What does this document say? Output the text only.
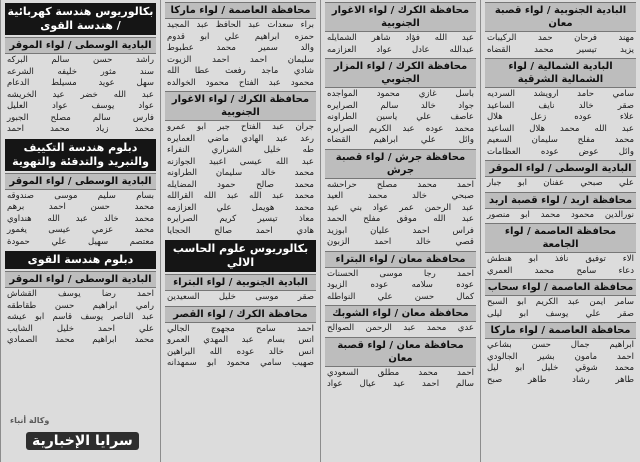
البادية الجنوبية / لواء قصبة معان
مهند فرحان حمد الركيبات
يزيد تيسير محمد القضاه
البادية الشمالية / لواء الشمالية الشرقية
سامي حامد ارويشد السرديه
صقر خالد نايف الساعيد
علاء عوده زعل هلال
عبد الله محمد هلال الساعيد
محمد مفلح سليمان السعيم
وائل عوض عوده العظامات
البادية الوسطى / لواء الموقر
علي صبحي عفنان ابو جبار
محافظة اربد / لواء قصبة اربد
نورالدين محمود محمد ابو منصور
محافظة العاصمة / لواء الجامعة
الاء توفيق نافذ ابو هنطش
دعاء سامح محمد العمري
محافظة العاصمة / لواء سحاب
سامر ايمن عبد الكريم ابو السبح
صقر علي يوسف ابو ليلى
محافظة العاصمة / لواء ماركا
ابراهيم جمال حسن بشاعي
احمد مامون بشير الجالودي
محمد شوقي خليل ابو ليل
طاهر رشاد طاهر صبح
محافظة الكرك / لواء الاغوار الجنوبية
عبد الله فؤاد شاهر الشمايله
عبدالله عادل عواد العزازمه
محافظة الكرك / لواء المزار الجنوبي
باسل غازي محمود المواجده
جواد خالد سالم الصرايره
عاصف علي ياسين الطراونه
محمد عوده عبد الكريم الصرايره
وائل علي ابراهيم القضاه
محافظة جرش / لواء قصبة جرش
احمد محمد مصلح حراحشه
صبحي خالد محمد العيد
عبد الرحمن عمر عواد بني عيد
عبد الله موفق مفلح الحمد
فراس احمد عليان ابوزيد
قصي خالد احمد الزبون
محافظة معان / لواء البتراء
احمد رجا موسى الحسنات
عوده سلامه عوده الزيود
كمال حسن علي النواطله
محافظة معان / لواء الشوبك
عدي محمد عبد الرحمن الصوالح
محافظة معان / لواء قصبة معان
احمد محمد مطلق السعودي
سالم احمد عيد عيال عواد
محافظة العاصمة / لواء ماركا
براء سعدات عبد الحافظ عبد المجيد
حمزه ابراهيم علي ابو قدوم
والد سمير محمد عطبوط
سليمان احمد احمد الزيوت
شادي ماجد رفعت عطا الله
محمود عبد الفتاح محمود الخوالده
محافظة الكرك / لواء الاغوار الجنوبية
جران عبد الفتاح جبر ابو عمرو
رعد عبد الهادي ماضي العمايره
طه خليل الشراري النفراء
عبد الله عيسى اعبيد الجوازنه
محمد خالد سليمان الطراونه
محمد صالح حمود المضايله
محمد عبد الله عبد الله القرالله
محمد هويمل علي العزازمه
معاذ تيسير كريم الصرايره
هادي احمد صالح الحجايا
بكالوريوس علوم الحاسب الالي
البادية الجنوبية / لواء البتراء
صقر موسى خليل السعيدين
محافظة الكرك / لواء القصر
احمد سامح مجهوج الجالي
انس بسام عبد المهدي العمرو
انس خالد عوده الله البراهين
صهيب سامي محمود ابو سمهدانه
بكالوريوس هندسة كهربائية / هندسة القوى
البادية الوسطى / لواء الموقر
راشد حسن سالم البركه
سند مثور خليفه الشرعه
سهل عويد مسيلط الدعام
عبد الله خضر عيد الخريشه
عواد يوسف عواد العليل
فارس سالم مصلح الجبور
محمد زياد محمد احمد
دبلوم هندسة التكييف والتبريد والتدفئة والتهوية
البادية الوسطى / لواء الموقر
بسام سليم موسى صندوقه
محمد حسن احمد برهم
محمد خالد عبد الله هنداوي
محمد عزمي عيسى يغمور
معتصم سهيل علي حمودة
دبلوم هندسة القوى
البادية الوسطى / لواء الموقر
احمد رضا يوسف القشاش
رامي ابراهيم حسن طقاطقه
عبد الناصر يوسف قاسم ابو عيشه
علي احمد خليل الشايب
محمد ابراهيم محمد الصمادي
وكالة أنباء
سرايا الإخبارية
